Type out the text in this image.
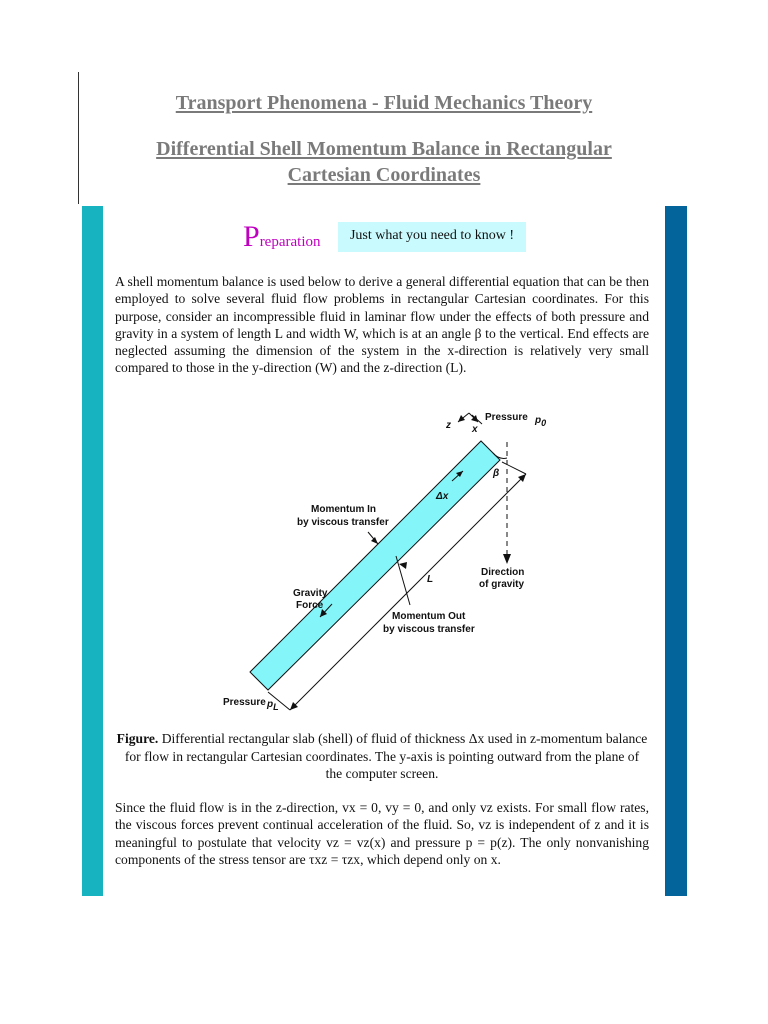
Transport Phenomena - Fluid Mechanics Theory
Differential Shell Momentum Balance in Rectangular Cartesian Coordinates
Preparation	Just what you need to know !
A shell momentum balance is used below to derive a general differential equation that can be then employed to solve several fluid flow problems in rectangular Cartesian coordinates. For this purpose, consider an incompressible fluid in laminar flow under the effects of both pressure and gravity in a system of length L and width W, which is at an angle β to the vertical. End effects are neglected assuming the dimension of the system in the x-direction is relatively very small compared to those in the y-direction (W) and the z-direction (L).
z x
Pressure p0
β
Δx
Momentum In
by viscous transfer
L
Direction
of gravity
Gravity
Force
Momentum Out
by viscous transfer
Pressure pL
Figure. Differential rectangular slab (shell) of fluid of thickness Δx used in z-momentum balance for flow in rectangular Cartesian coordinates. The y-axis is pointing outward from the plane of the computer screen.
Since the fluid flow is in the z-direction, vx = 0, vy = 0, and only vz exists. For small flow rates, the viscous forces prevent continual acceleration of the fluid. So, vz is independent of z and it is meaningful to postulate that velocity vz = vz(x) and pressure p = p(z). The only nonvanishing components of the stress tensor are τxz = τzx, which depend only on x.
